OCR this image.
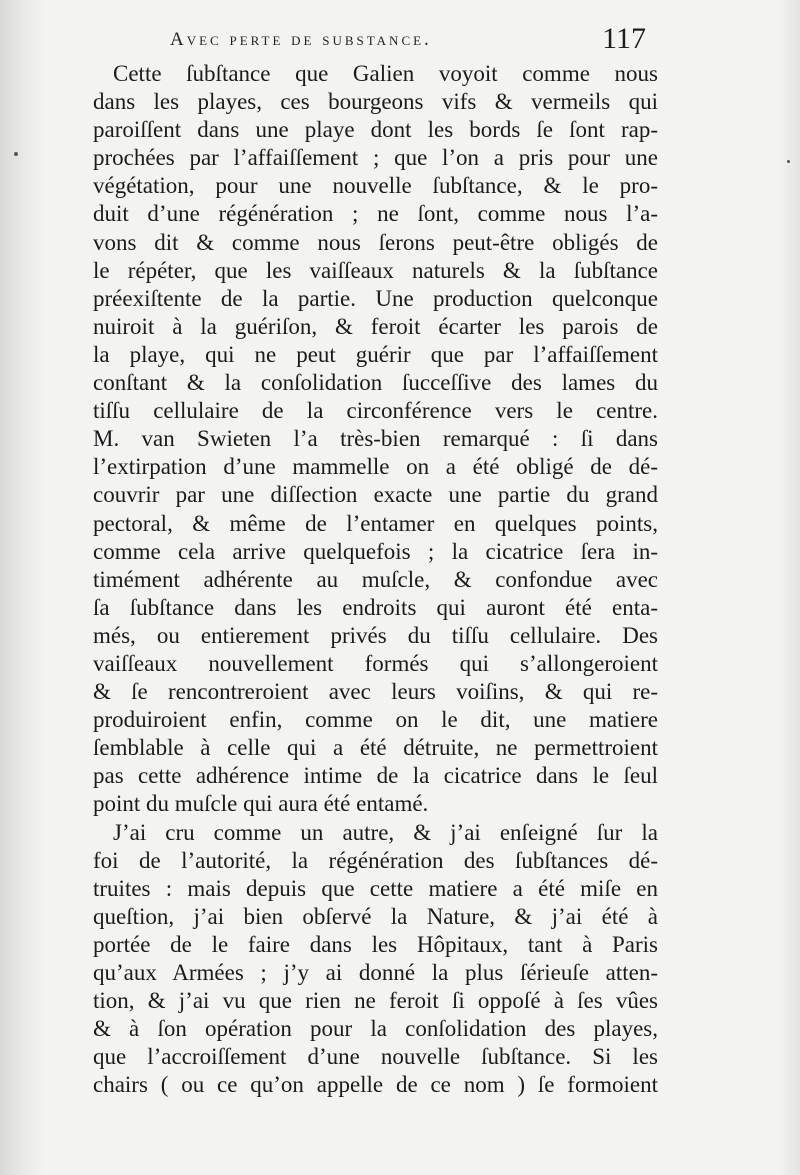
Avec perte de substance.	117
Cette ſubſtance que Galien voyoit comme nous
dans les playes, ces bourgeons vifs & vermeils qui
paroiſſent dans une playe dont les bords ſe ſont rap-
prochées par l’affaiſſement ; que l’on a pris pour une
végétation, pour une nouvelle ſubſtance, & le pro-
duit d’une régénération ; ne ſont, comme nous l’a-
vons dit & comme nous ſerons peut-être obligés de
le répéter, que les vaiſſeaux naturels & la ſubſtance
préexiſtente de la partie. Une production quelconque
nuiroit à la guériſon, & feroit écarter les parois de
la playe, qui ne peut guérir que par l’affaiſſement
conſtant & la conſolidation ſucceſſive des lames du
tiſſu cellulaire de la circonférence vers le centre.
M. van Swieten l’a très-bien remarqué : ſi dans
l’extirpation d’une mammelle on a été obligé de dé-
couvrir par une diſſection exacte une partie du grand
pectoral, & même de l’entamer en quelques points,
comme cela arrive quelquefois ; la cicatrice ſera in-
timément adhérente au muſcle, & confondue avec
ſa ſubſtance dans les endroits qui auront été enta-
més, ou entierement privés du tiſſu cellulaire. Des
vaiſſeaux nouvellement formés qui s’allongeroient
& ſe rencontreroient avec leurs voiſins, & qui re-
produiroient enfin, comme on le dit, une matiere
ſemblable à celle qui a été détruite, ne permettroient
pas cette adhérence intime de la cicatrice dans le ſeul
point du muſcle qui aura été entamé.
J’ai cru comme un autre, & j’ai enſeigné ſur la
foi de l’autorité, la régénération des ſubſtances dé-
truites : mais depuis que cette matiere a été miſe en
queſtion, j’ai bien obſervé la Nature, & j’ai été à
portée de le faire dans les Hôpitaux, tant à Paris
qu’aux Armées ; j’y ai donné la plus ſérieuſe atten-
tion, & j’ai vu que rien ne feroit ſi oppoſé à ſes vûes
& à ſon opération pour la conſolidation des playes,
que l’accroiſſement d’une nouvelle ſubſtance. Si les
chairs ( ou ce qu’on appelle de ce nom ) ſe formoient
